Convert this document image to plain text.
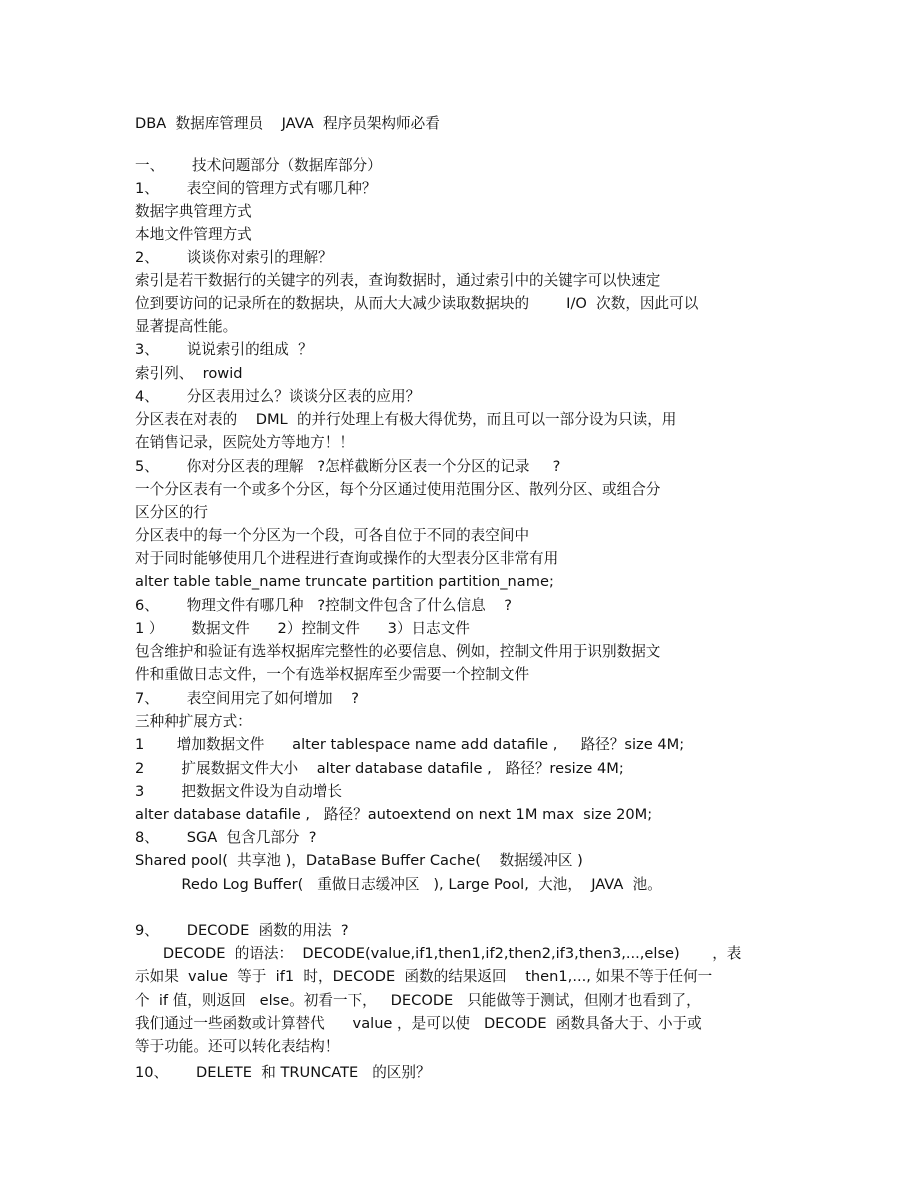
DBA  数据库管理员    JAVA  程序员架构师必看
一、      技术问题部分（数据库部分）
1、      表空间的管理方式有哪几种？
数据字典管理方式
本地文件管理方式
2、      谈谈你对索引的理解？
索引是若干数据行的关键字的列表，查询数据时，通过索引中的关键字可以快速定
位到要访问的记录所在的数据块，从而大大减少读取数据块的        I/O  次数，因此可以
显著提高性能。
3、      说说索引的组成  ？
索引列、  rowid
4、      分区表用过么？谈谈分区表的应用？
分区表在对表的    DML  的并行处理上有极大得优势，而且可以一部分设为只读，用
在销售记录，医院处方等地方！！
5、      你对分区表的理解   ?怎样截断分区表一个分区的记录     ?
一个分区表有一个或多个分区，每个分区通过使用范围分区、散列分区、或组合分
区分区的行
分区表中的每一个分区为一个段，可各自位于不同的表空间中
对于同时能够使用几个进程进行查询或操作的大型表分区非常有用
alter table table_name truncate partition partition_name;
6、      物理文件有哪几种   ?控制文件包含了什么信息    ?
1 ）      数据文件      2）控制文件      3）日志文件
包含维护和验证有选举权据库完整性的必要信息、例如，控制文件用于识别数据文
件和重做日志文件，一个有选举权据库至少需要一个控制文件
7、      表空间用完了如何增加    ?
三种种扩展方式：
1       增加数据文件      alter tablespace name add datafile ,     路径？size 4M;
2        扩展数据文件大小    alter database datafile ,   路径？resize 4M;
3        把数据文件设为自动增长
alter database datafile ,   路径？autoextend on next 1M max  size 20M;
8、      SGA  包含几部分  ?
Shared pool(  共享池 )，DataBase Buffer Cache(    数据缓冲区 )
Redo Log Buffer(   重做日志缓冲区   ), Large Pool,  大池，  JAVA  池。
9、      DECODE  函数的用法  ?
DECODE  的语法：  DECODE(value,if1,then1,if2,then2,if3,then3,...,else)       ，表
示如果  value  等于  if1  时，DECODE  函数的结果返回    then1,..., 如果不等于任何一
个  if 值，则返回   else。初看一下，   DECODE   只能做等于测试，但刚才也看到了，
我们通过一些函数或计算替代      value ，是可以使   DECODE  函数具备大于、小于或
等于功能。还可以转化表结构！
10、      DELETE  和 TRUNCATE   的区别？
